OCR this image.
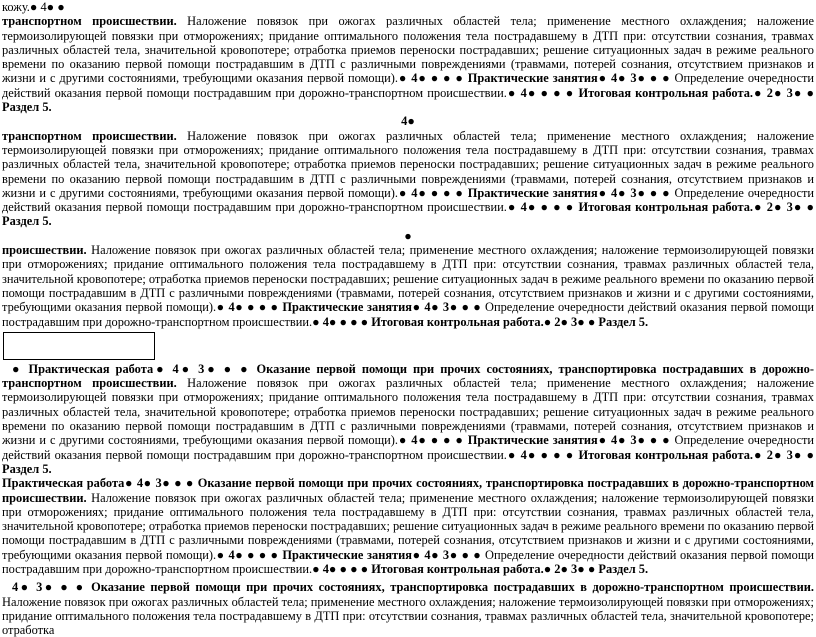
кожу.● 4● ●

транспортном происшествии. Наложение повязок при ожогах различных областей тела; применение местного охлаждения; наложение термоизолирующей повязки при отморожениях; придание оптимального положения тела пострадавшему в ДТП при: отсутствии сознания, травмах различных областей тела, значительной кровопотере; отработка приемов переноски пострадавших; решение ситуационных задач в режиме реального времени по оказанию первой помощи пострадавшим в ДТП с различными повреждениями (травмами, потерей сознания, отсутствием признаков и жизни и с другими состояниями, требующими оказания первой помощи).● 4● ● ● ● Практические занятия● 4● 3● ● ● Определение очередности действий оказания первой помощи пострадавшим при дорожно-транспортном происшествии.● 4● ● ● ● Итоговая контрольная работа.● 2● 3● ● Раздел 5.

4●

транспортном происшествии. Наложение повязок при ожогах различных областей тела; применение местного охлаждения; наложение термоизолирующей повязки при отморожениях; придание оптимального положения тела пострадавшему в ДТП при: отсутствии сознания, травмах различных областей тела, значительной кровопотере; отработка приемов переноски пострадавших; решение ситуационных задач в режиме реального времени по оказанию первой помощи пострадавшим в ДТП с различными повреждениями (травмами, потерей сознания, отсутствием признаков и жизни и с другими состояниями, требующими оказания первой помощи).● 4● ● ● ● Практические занятия● 4● 3● ● ● Определение очередности действий оказания первой помощи пострадавшим при дорожно-транспортном происшествии.● 4● ● ● ● Итоговая контрольная работа.● 2● 3● ● Раздел 5.

●

происшествии. Наложение повязок при ожогах различных областей тела; применение местного охлаждения; наложение термоизолирующей повязки при отморожениях; придание оптимального положения тела пострадавшему в ДТП при: отсутствии сознания, травмах различных областей тела, значительной кровопотере; отработка приемов переноски пострадавших; решение ситуационных задач в режиме реального времени по оказанию первой помощи пострадавшим в ДТП с различными повреждениями (травмами, потерей сознания, отсутствием признаков и жизни и с другими состояниями, требующими оказания первой помощи).● 4● ● ● ● Практические занятия● 4● 3● ● ● Определение очередности действий оказания первой помощи пострадавшим при дорожно-транспортном происшествии.● 4● ● ● ● Итоговая контрольная работа.● 2● 3● ● Раздел 5.

● Практическая работа● 4● 3● ● ● Оказание первой помощи при прочих состояниях, транспортировка пострадавших в дорожно-транспортном происшествии. Наложение повязок при ожогах различных областей тела; применение местного охлаждения; наложение термоизолирующей повязки при отморожениях; придание оптимального положения тела пострадавшему в ДТП при: отсутствии сознания, травмах различных областей тела, значительной кровопотере; отработка приемов переноски пострадавших; решение ситуационных задач в режиме реального времени по оказанию первой помощи пострадавшим в ДТП с различными повреждениями (травмами, потерей сознания, отсутствием признаков и жизни и с другими состояниями, требующими оказания первой помощи).● 4● ● ● ● Практические занятия● 4● 3● ● ● Определение очередности действий оказания первой помощи пострадавшим при дорожно-транспортном происшествии.● 4● ● ● ● Итоговая контрольная работа.● 2● 3● ● Раздел 5.

Практическая работа● 4● 3● ● ● Оказание первой помощи при прочих состояниях, транспортировка пострадавших в дорожно-транспортном происшествии. Наложение повязок при ожогах различных областей тела; применение местного охлаждения; наложение термоизолирующей повязки при отморожениях; придание оптимального положения тела пострадавшему в ДТП при: отсутствии сознания, травмах различных областей тела, значительной кровопотере; отработка приемов переноски пострадавших; решение ситуационных задач в режиме реального времени по оказанию первой помощи пострадавшим в ДТП с различными повреждениями (травмами, потерей сознания, отсутствием признаков и жизни и с другими состояниями, требующими оказания первой помощи).● 4● ● ● ● Практические занятия● 4● 3● ● ● Определение очередности действий оказания первой помощи пострадавшим при дорожно-транспортном происшествии.● 4● ● ● ● Итоговая контрольная работа.● 2● 3● ● Раздел 5.

4● 3● ● ● Оказание первой помощи при прочих состояниях, транспортировка пострадавших в дорожно-транспортном происшествии. Наложение повязок при ожогах различных областей тела; применение местного охлаждения; наложение термоизолирующей повязки при отморожениях; придание оптимального положения тела пострадавшему в ДТП при: отсутствии сознания, травмах различных областей тела, значительной кровопотере; отработка
